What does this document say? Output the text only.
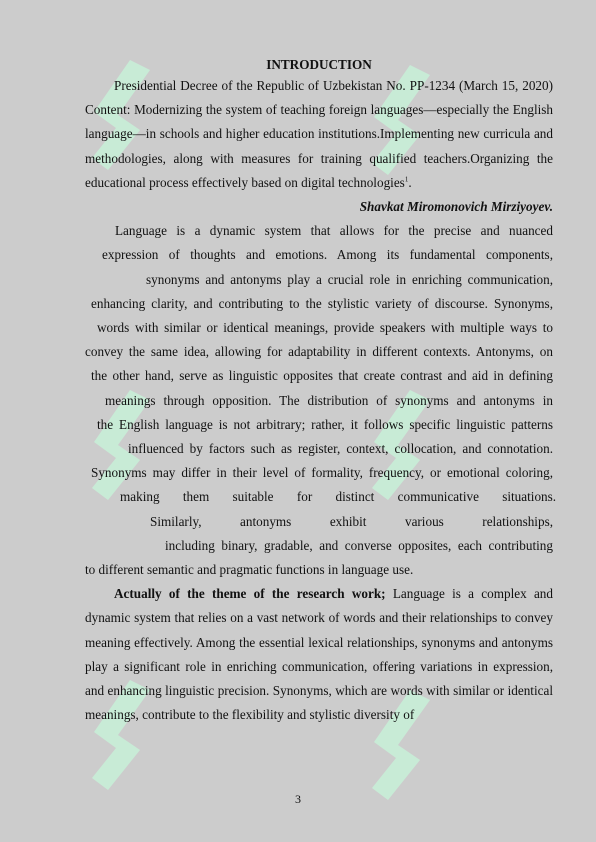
INTRODUCTION

Presidential Decree of the Republic of Uzbekistan No. PP-1234 (March 15, 2020) Content: Modernizing the system of teaching foreign languages—especially the English language—in schools and higher education institutions.Implementing new curricula and methodologies, along with measures for training qualified teachers.Organizing the educational process effectively based on digital technologies$^1$.

Shavkat Miromonovich Mirziyoyev.

Language is a dynamic system that allows for the precise and nuanced
expression of thoughts and emotions. Among its fundamental components,
synonyms and antonyms play a crucial role in enriching communication,
enhancing clarity, and contributing to the stylistic variety of discourse. Synonyms,
words with similar or identical meanings, provide speakers with multiple ways to
convey the same idea, allowing for adaptability in different contexts. Antonyms, on
the other hand, serve as linguistic opposites that create contrast and aid in defining
meanings through opposition. The distribution of synonyms and antonyms in
the English language is not arbitrary; rather, it follows specific linguistic patterns
influenced by factors such as register, context, collocation, and connotation.
Synonyms may differ in their level of formality, frequency, or emotional coloring,
making them suitable for distinct communicative situations.
Similarly, antonyms exhibit various relationships,
including binary, gradable, and converse opposites, each contributing
to different semantic and pragmatic functions in language use.

Actually of the theme of the research work; Language is a complex and dynamic system that relies on a vast network of words and their relationships to convey meaning effectively. Among the essential lexical relationships, synonyms and antonyms play a significant role in enriching communication, offering variations in expression, and enhancing linguistic precision. Synonyms, which are words with similar or identical meanings, contribute to the flexibility and stylistic diversity of

3
